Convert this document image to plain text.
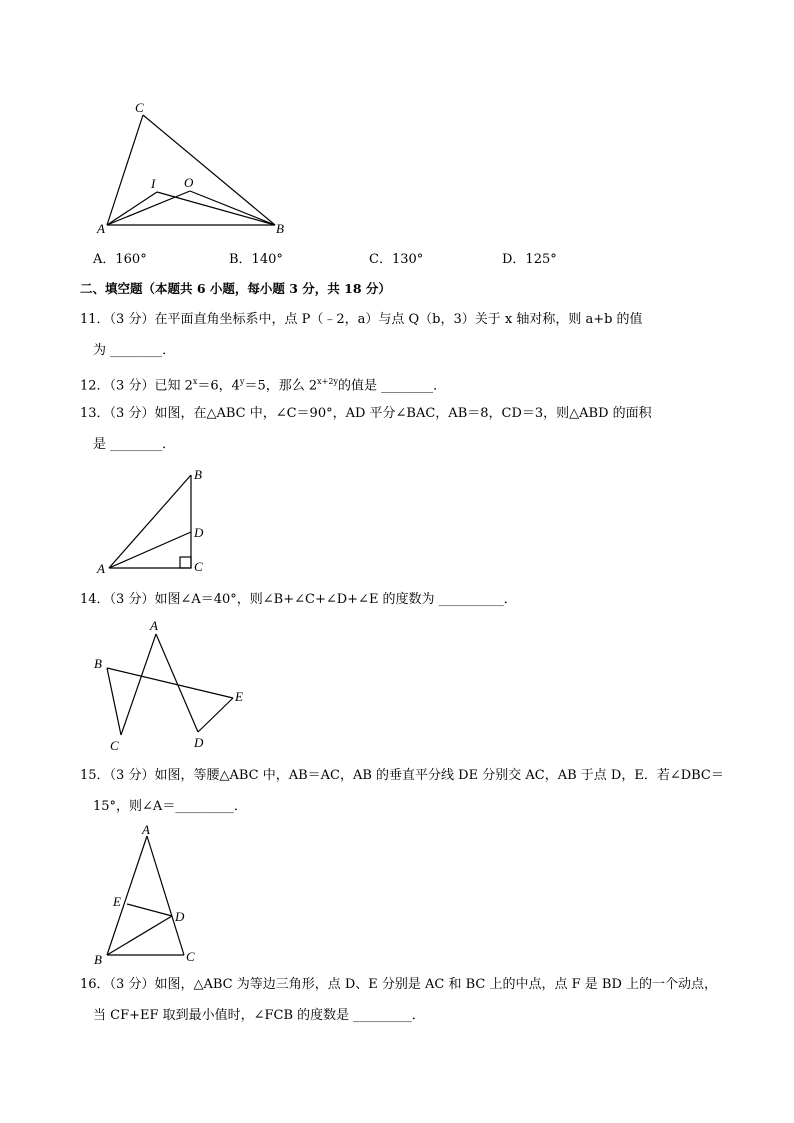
C
I O
A	B
A．160°	B．140°	C．130°	D．125°
二、填空题（本题共 6 小题，每小题 3 分，共 18 分）
11．（3 分）在平面直角坐标系中，点 P（﹣2，a）与点 Q（b，3）关于 x 轴对称，则 a+b 的值
为 ________．
12．（3 分）已知 $2^x=6$，$4^y=5$，那么 $2^{x+2y}$的值是 ________．
13．（3 分）如图，在△ABC 中，∠C＝90°，AD 平分∠BAC，AB＝8，CD＝3，则△ABD 的面积
是 ________．
B
D
A	C
14．（3 分）如图∠A＝40°，则∠B+∠C+∠D+∠E 的度数为 __________．
A
B
C	D
E
15．（3 分）如图，等腰△ABC 中，AB＝AC，AB 的垂直平分线 DE 分别交 AC，AB 于点 D，E．若∠DBC＝
15°，则∠A＝_________．
A
E
D
B	C
16．（3 分）如图，△ABC 为等边三角形，点 D、E 分别是 AC 和 BC 上的中点，点 F 是 BD 上的一个动点，
当 CF+EF 取到最小值时，∠FCB 的度数是 _________．
